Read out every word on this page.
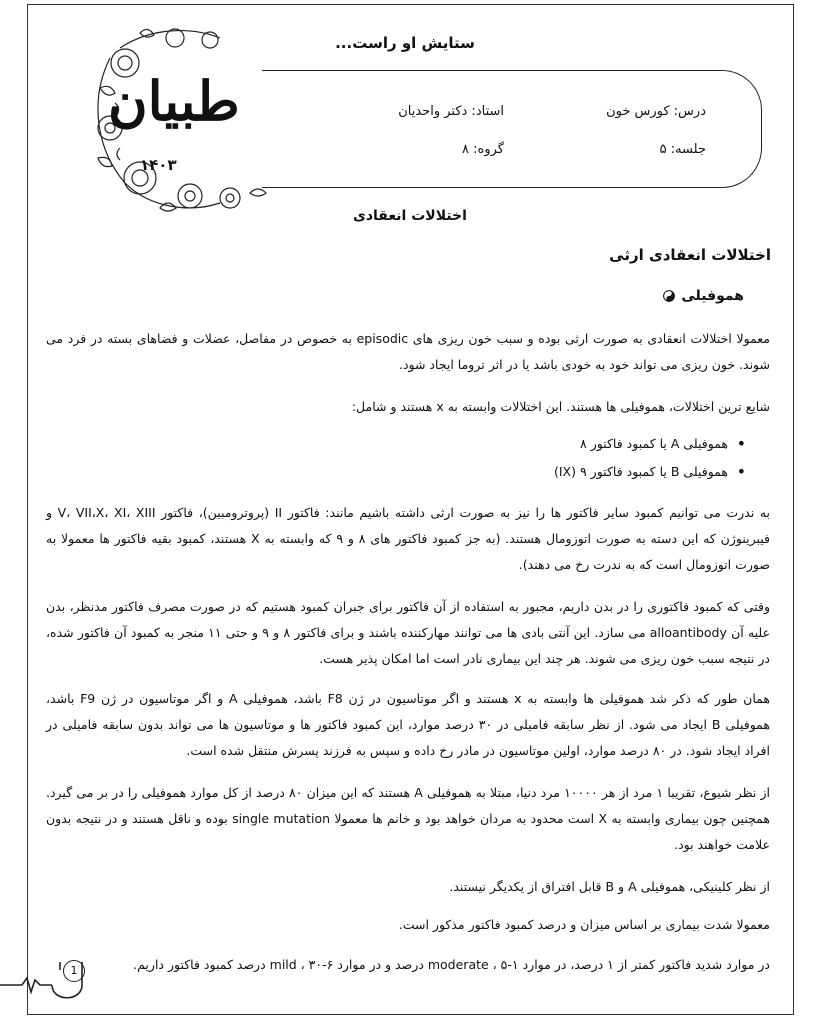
طبیان
۱۴۰۳
ستایش او راست...
درس: کورس خون
استاد: دکتر واحدیان
جلسه: ۵
گروه: ۸
اختلالات انعقادی
اختلالات انعقادی ارثی
هموفیلی
معمولا اختلالات انعقادی به صورت ارثی بوده و سبب خون ریزی های episodic به خصوص در مفاصل، عضلات و فضاهای بسته در فرد می شوند. خون ریزی می تواند خود به خودی باشد یا در اثر تروما ایجاد شود.
شایع ترین اختلالات، هموفیلی ها هستند. این اختلالات وابسته به x هستند و شامل:
• هموفیلی A یا کمبود فاکتور ۸
• هموفیلی B یا کمبود فاکتور ۹ (IX)
به ندرت می توانیم کمبود سایر فاکتور ها را نیز به صورت ارثی داشته باشیم مانند: فاکتور II (پروترومبین)، فاکتور V، VII،X، XI، XIII و فیبرینوژن که این دسته به صورت اتوزومال هستند. (به جز کمبود فاکتور های ۸ و ۹ که وابسته به X هستند، کمبود بقیه فاکتور ها معمولا به صورت اتوزومال است که به ندرت رخ می دهند).
وقتی که کمبود فاکتوری را در بدن داریم، مجبور به استفاده از آن فاکتور برای جبران کمبود هستیم که در صورت مصرف فاکتور مدنظر، بدن علیه آن alloantibody می سازد. این آنتی بادی ها می توانند مهارکننده باشند و برای فاکتور ۸ و ۹ و حتی ۱۱ منجر به کمبود آن فاکتور شده، در نتیجه سبب خون ریزی می شوند. هر چند این بیماری نادر است اما امکان پذیر هست.
همان طور که ذکر شد هموفیلی ها وابسته به x هستند و اگر موتاسیون در ژن F8 باشد، هموفیلی A و اگر موتاسیون در ژن F9 باشد، هموفیلی B ایجاد می شود. از نظر سابقه فامیلی در ۳۰ درصد موارد، این کمبود فاکتور ها و موتاسیون ها می تواند بدون سابقه فامیلی در افراد ایجاد شود. در ۸۰ درصد موارد، اولین موتاسیون در مادر رخ داده و سپس به فرزند پسرش منتقل شده است.
از نظر شیوع، تقریبا ۱ مرد از هر ۱۰۰۰۰ مرد دنیا، مبتلا به هموفیلی A هستند که این میزان ۸۰ درصد از کل موارد هموفیلی را در بر می گیرد. همچنین چون بیماری وابسته به X است محدود به مردان خواهد بود و خانم ها معمولا single mutation بوده و ناقل هستند و در نتیجه بدون علامت خواهند بود.
از نظر کلینیکی، هموفیلی A و B قابل افتراق از یکدیگر نیستند.
معمولا شدت بیماری بر اساس میزان و درصد کمبود فاکتور مذکور است.
در موارد شدید فاکتور کمتر از ۱ درصد، در موارد moderate ، ۵-۱ درصد و در موارد mild ، ۳۰-۶ درصد کمبود فاکتور داریم.
1
